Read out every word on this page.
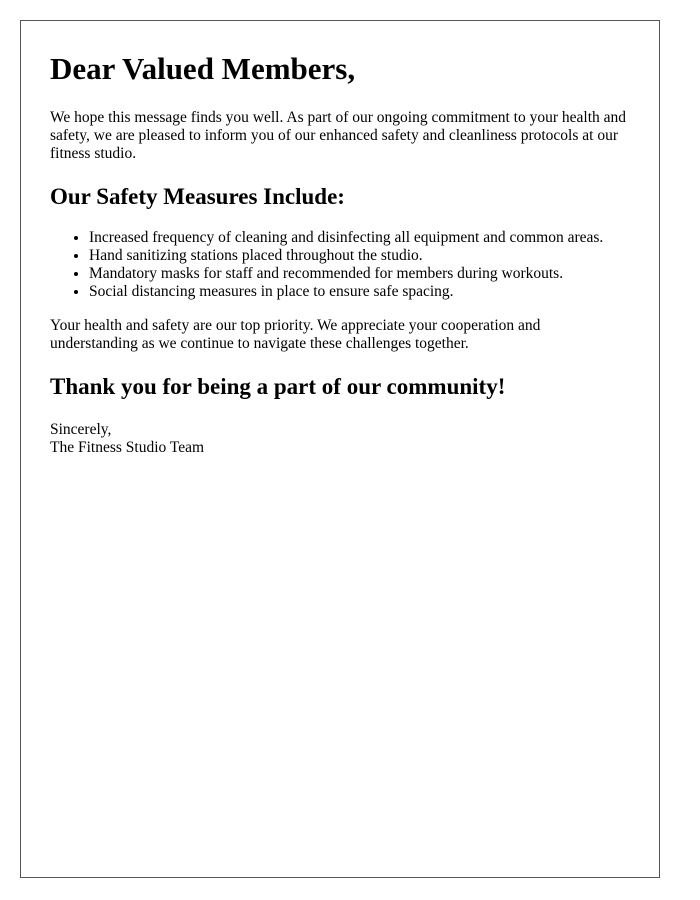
Dear Valued Members,

We hope this message finds you well. As part of our ongoing commitment to your health and safety, we are pleased to inform you of our enhanced safety and cleanliness protocols at our fitness studio.

Our Safety Measures Include:
• Increased frequency of cleaning and disinfecting all equipment and common areas.
• Hand sanitizing stations placed throughout the studio.
• Mandatory masks for staff and recommended for members during workouts.
• Social distancing measures in place to ensure safe spacing.

Your health and safety are our top priority. We appreciate your cooperation and understanding as we continue to navigate these challenges together.

Thank you for being a part of our community!

Sincerely,

The Fitness Studio Team
